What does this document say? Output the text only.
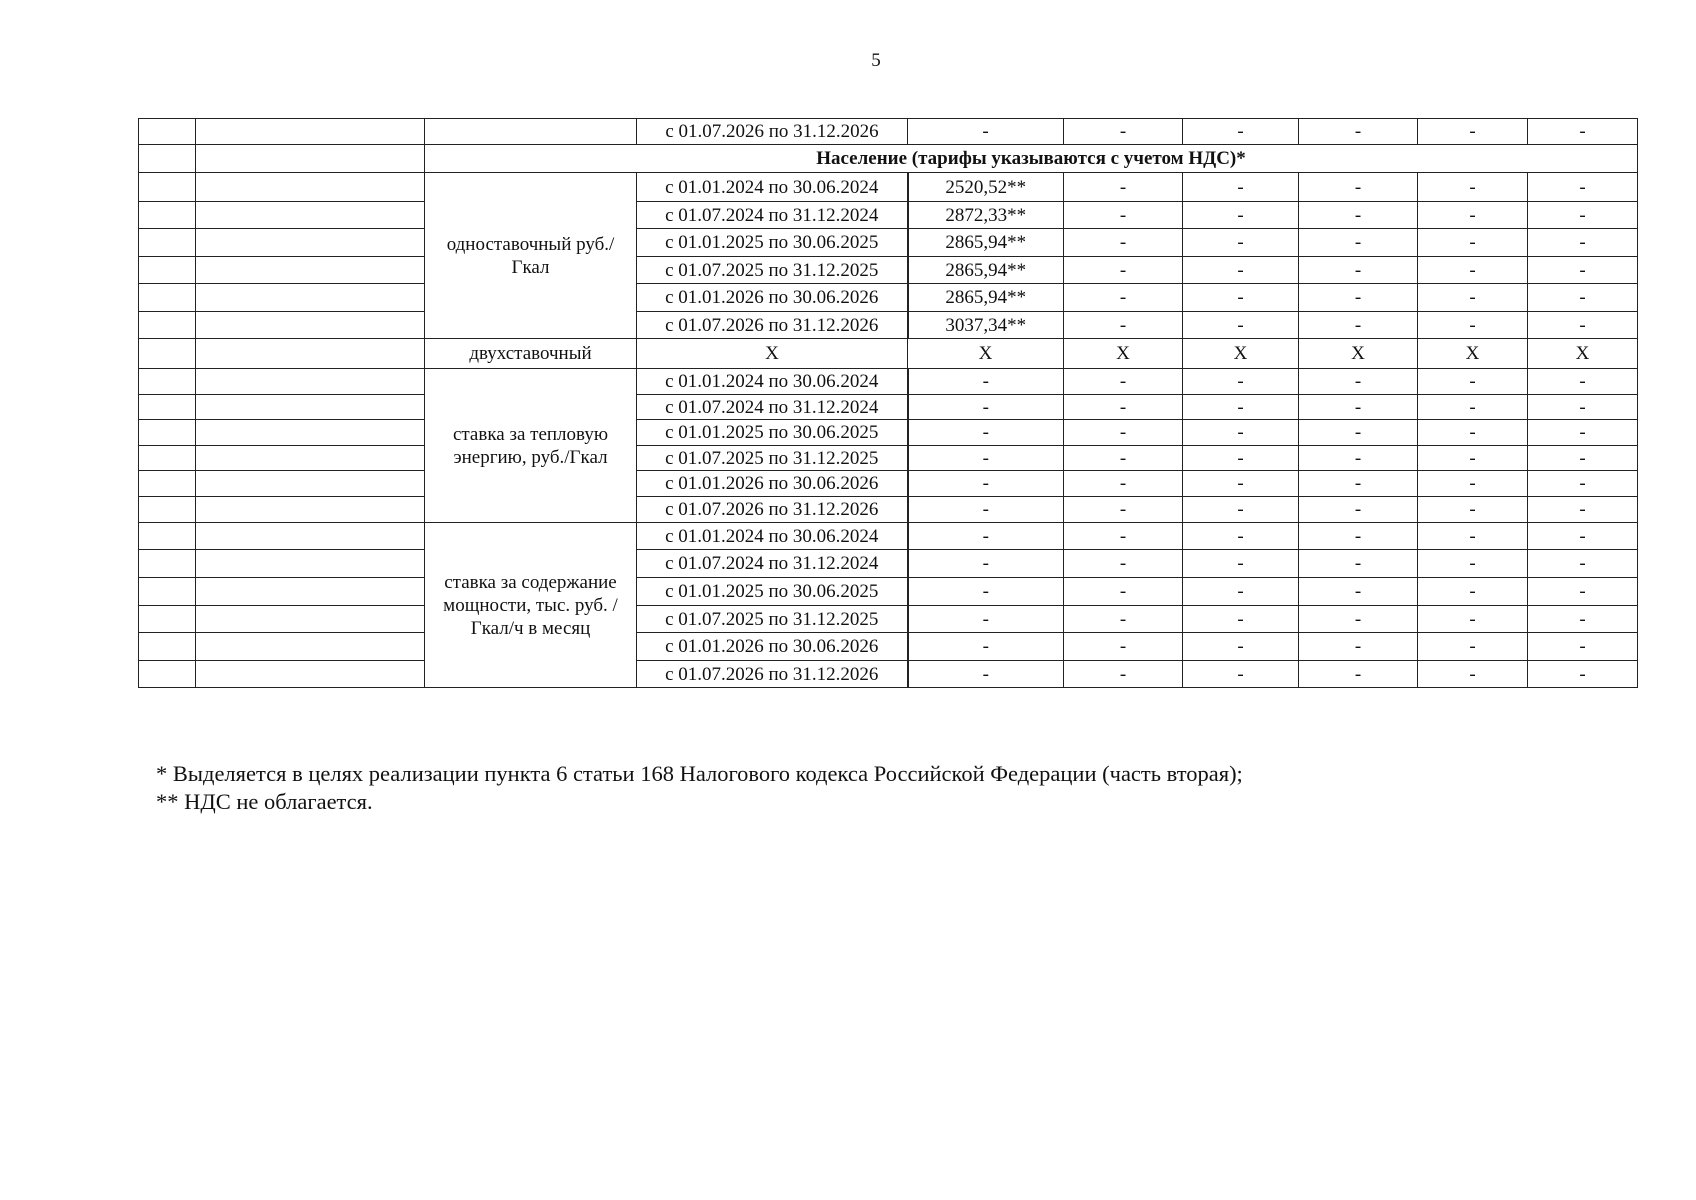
5
			с 01.07.2026 по 31.12.2026	-	-	-	-	-	-
		Население (тарифы указываются с учетом НДС)*							
		одноставочный руб./Гкал	с 01.01.2024 по 30.06.2024	2520,52**	-	-	-	-	-
			с 01.07.2024 по 31.12.2024	2872,33**	-	-	-	-	-
			с 01.01.2025 по 30.06.2025	2865,94**	-	-	-	-	-
			с 01.07.2025 по 31.12.2025	2865,94**	-	-	-	-	-
			с 01.01.2026 по 30.06.2026	2865,94**	-	-	-	-	-
			с 01.07.2026 по 31.12.2026	3037,34**	-	-	-	-	-
		двухставочный	X	X	X	X	X	X	X
		ставка за тепловую энергию, руб./Гкал	с 01.01.2024 по 30.06.2024	-	-	-	-	-	-
			с 01.07.2024 по 31.12.2024	-	-	-	-	-	-
			с 01.01.2025 по 30.06.2025	-	-	-	-	-	-
			с 01.07.2025 по 31.12.2025	-	-	-	-	-	-
			с 01.01.2026 по 30.06.2026	-	-	-	-	-	-
			с 01.07.2026 по 31.12.2026	-	-	-	-	-	-
		ставка за содержание мощности, тыс. руб. /Гкал/ч в месяц	с 01.01.2024 по 30.06.2024	-	-	-	-	-	-
			с 01.07.2024 по 31.12.2024	-	-	-	-	-	-
			с 01.01.2025 по 30.06.2025	-	-	-	-	-	-
			с 01.07.2025 по 31.12.2025	-	-	-	-	-	-
			с 01.01.2026 по 30.06.2026	-	-	-	-	-	-
			с 01.07.2026 по 31.12.2026	-	-	-	-	-	-
* Выделяется в целях реализации пункта 6 статьи 168 Налогового кодекса Российской Федерации (часть вторая);
** НДС не облагается.
